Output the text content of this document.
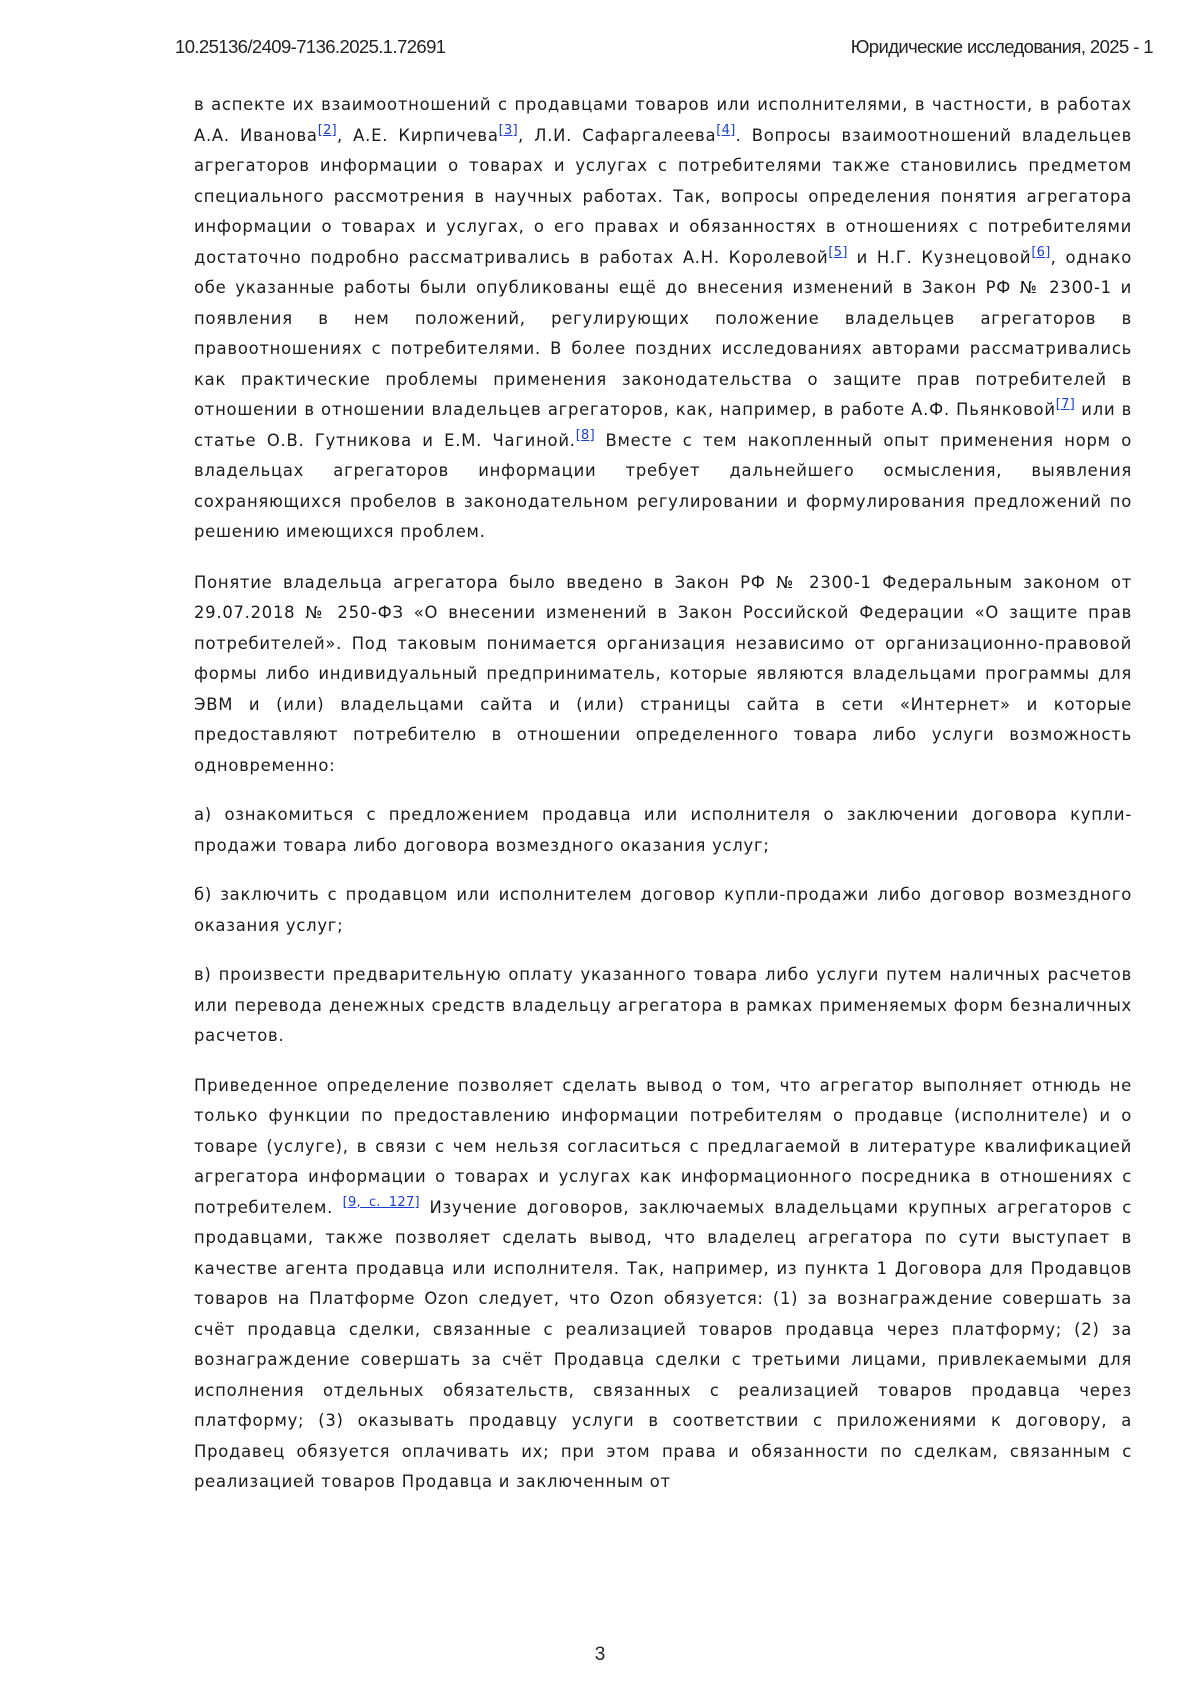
10.25136/2409-7136.2025.1.72691	Юридические исследования, 2025 - 1

в аспекте их взаимоотношений с продавцами товаров или исполнителями, в частности, в работах А.А. Иванова[2], А.Е. Кирпичева[3], Л.И. Сафаргалеева[4]. Вопросы взаимоотношений владельцев агрегаторов информации о товарах и услугах с потребителями также становились предметом специального рассмотрения в научных работах. Так, вопросы определения понятия агрегатора информации о товарах и услугах, о его правах и обязанностях в отношениях с потребителями достаточно подробно рассматривались в работах А.Н. Королевой[5] и Н.Г. Кузнецовой[6], однако обе указанные работы были опубликованы ещё до внесения изменений в Закон РФ № 2300-1 и появления в нем положений, регулирующих положение владельцев агрегаторов в правоотношениях с потребителями. В более поздних исследованиях авторами рассматривались как практические проблемы применения законодательства о защите прав потребителей в отношении в отношении владельцев агрегаторов, как, например, в работе А.Ф. Пьянковой[7] или в статье О.В. Гутникова и Е.М. Чагиной.[8] Вместе с тем накопленный опыт применения норм о владельцах агрегаторов информации требует дальнейшего осмысления, выявления сохраняющихся пробелов в законодательном регулировании и формулирования предложений по решению имеющихся проблем.

Понятие владельца агрегатора было введено в Закон РФ № 2300-1 Федеральным законом от 29.07.2018 № 250-ФЗ «О внесении изменений в Закон Российской Федерации «О защите прав потребителей». Под таковым понимается организация независимо от организационно-правовой формы либо индивидуальный предприниматель, которые являются владельцами программы для ЭВМ и (или) владельцами сайта и (или) страницы сайта в сети «Интернет» и которые предоставляют потребителю в отношении определенного товара либо услуги возможность одновременно:

а) ознакомиться с предложением продавца или исполнителя о заключении договора купли-продажи товара либо договора возмездного оказания услуг;

б) заключить с продавцом или исполнителем договор купли-продажи либо договор возмездного оказания услуг;

в) произвести предварительную оплату указанного товара либо услуги путем наличных расчетов или перевода денежных средств владельцу агрегатора в рамках применяемых форм безналичных расчетов.

Приведенное определение позволяет сделать вывод о том, что агрегатор выполняет отнюдь не только функции по предоставлению информации потребителям о продавце (исполнителе) и о товаре (услуге), в связи с чем нельзя согласиться с предлагаемой в литературе квалификацией агрегатора информации о товарах и услугах как информационного посредника в отношениях с потребителем. [9, с. 127] Изучение договоров, заключаемых владельцами крупных агрегаторов с продавцами, также позволяет сделать вывод, что владелец агрегатора по сути выступает в качестве агента продавца или исполнителя. Так, например, из пункта 1 Договора для Продавцов товаров на Платформе Ozon следует, что Ozon обязуется: (1) за вознаграждение совершать за счёт продавца сделки, связанные с реализацией товаров продавца через платформу; (2) за вознаграждение совершать за счёт Продавца сделки с третьими лицами, привлекаемыми для исполнения отдельных обязательств, связанных с реализацией товаров продавца через платформу; (3) оказывать продавцу услуги в соответствии с приложениями к договору, а Продавец обязуется оплачивать их; при этом права и обязанности по сделкам, связанным с реализацией товаров Продавца и заключенным от

3
